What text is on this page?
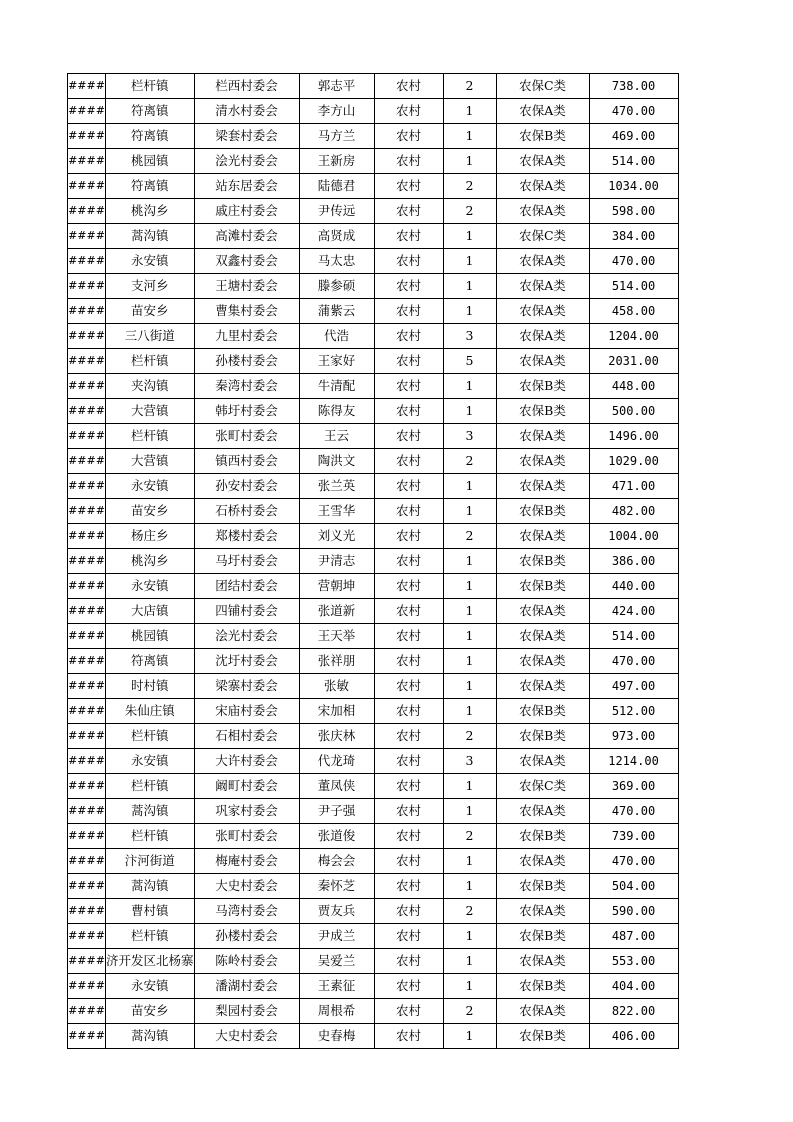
####	栏杆镇	栏西村委会	郭志平	农村	2	农保C类	738.00
####	符离镇	清水村委会	李方山	农村	1	农保A类	470.00
####	符离镇	梁套村委会	马方兰	农村	1	农保B类	469.00
####	桃园镇	浍光村委会	王新房	农村	1	农保A类	514.00
####	符离镇	站东居委会	陆德君	农村	2	农保A类	1034.00
####	桃沟乡	戚庄村委会	尹传远	农村	2	农保A类	598.00
####	蒿沟镇	高滩村委会	高贤成	农村	1	农保C类	384.00
####	永安镇	双鑫村委会	马太忠	农村	1	农保A类	470.00
####	支河乡	王塘村委会	滕参硕	农村	1	农保A类	514.00
####	苗安乡	曹集村委会	蒲紫云	农村	1	农保A类	458.00
####	三八街道	九里村委会	代浩	农村	3	农保A类	1204.00
####	栏杆镇	孙楼村委会	王家好	农村	5	农保A类	2031.00
####	夹沟镇	秦湾村委会	牛清配	农村	1	农保B类	448.00
####	大营镇	韩圩村委会	陈得友	农村	1	农保B类	500.00
####	栏杆镇	张町村委会	王云	农村	3	农保A类	1496.00
####	大营镇	镇西村委会	陶洪文	农村	2	农保A类	1029.00
####	永安镇	孙安村委会	张兰英	农村	1	农保A类	471.00
####	苗安乡	石桥村委会	王雪华	农村	1	农保B类	482.00
####	杨庄乡	郑楼村委会	刘义光	农村	2	农保A类	1004.00
####	桃沟乡	马圩村委会	尹清志	农村	1	农保B类	386.00
####	永安镇	团结村委会	营朝坤	农村	1	农保B类	440.00
####	大店镇	四铺村委会	张道新	农村	1	农保A类	424.00
####	桃园镇	浍光村委会	王天举	农村	1	农保A类	514.00
####	符离镇	沈圩村委会	张祥朋	农村	1	农保A类	470.00
####	时村镇	梁寨村委会	张敏	农村	1	农保A类	497.00
####	朱仙庄镇	宋庙村委会	宋加相	农村	1	农保B类	512.00
####	栏杆镇	石相村委会	张庆林	农村	2	农保B类	973.00
####	永安镇	大许村委会	代龙琦	农村	3	农保A类	1214.00
####	栏杆镇	阚町村委会	董凤侠	农村	1	农保C类	369.00
####	蒿沟镇	巩家村委会	尹子强	农村	1	农保A类	470.00
####	栏杆镇	张町村委会	张道俊	农村	2	农保B类	739.00
####	汴河街道	梅庵村委会	梅会会	农村	1	农保A类	470.00
####	蒿沟镇	大史村委会	秦怀芝	农村	1	农保B类	504.00
####	曹村镇	马湾村委会	贾友兵	农村	2	农保A类	590.00
####	栏杆镇	孙楼村委会	尹成兰	农村	1	农保B类	487.00
####	济开发区北杨寨	陈岭村委会	吴爱兰	农村	1	农保A类	553.00
####	永安镇	潘湖村委会	王素征	农村	1	农保B类	404.00
####	苗安乡	梨园村委会	周根希	农村	2	农保A类	822.00
####	蒿沟镇	大史村委会	史春梅	农村	1	农保B类	406.00
